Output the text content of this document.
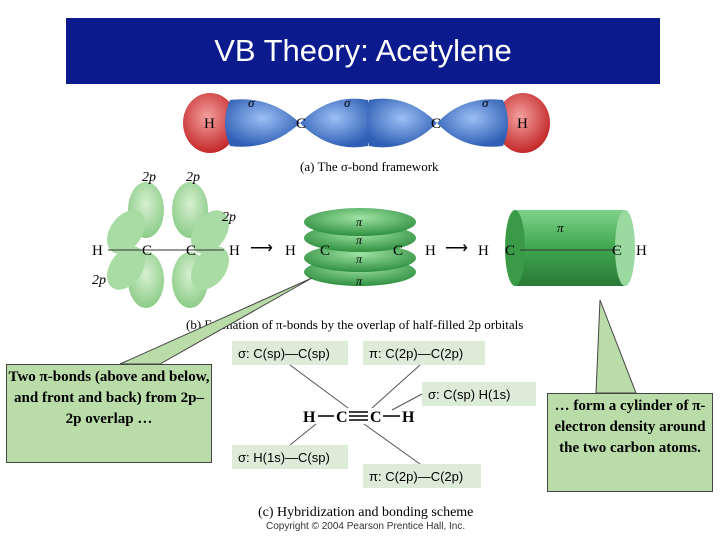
VB Theory: Acetylene
H	C	C	H
σ	σ	σ
(a) The σ-bond framework
2p 2p
2p
2p
H	C C H ⟶
π
π
π
π
H C	C H ⟶
π
H C	C H
(b) Formation of π-bonds by the overlap of half-filled 2p orbitals
σ: C(sp)—C(sp)	π: C(2p)—C(2p)
σ: C(sp) H(1s)
σ: H(1s)—C(sp)
π: C(2p)—C(2p)
H C C H
(c) Hybridization and bonding scheme
Two π-bonds (above and below, and front and back) from 2p–2p overlap …
… form a cylinder of π-electron density around the two carbon atoms.
Copyright © 2004 Pearson Prentice Hall, Inc.
